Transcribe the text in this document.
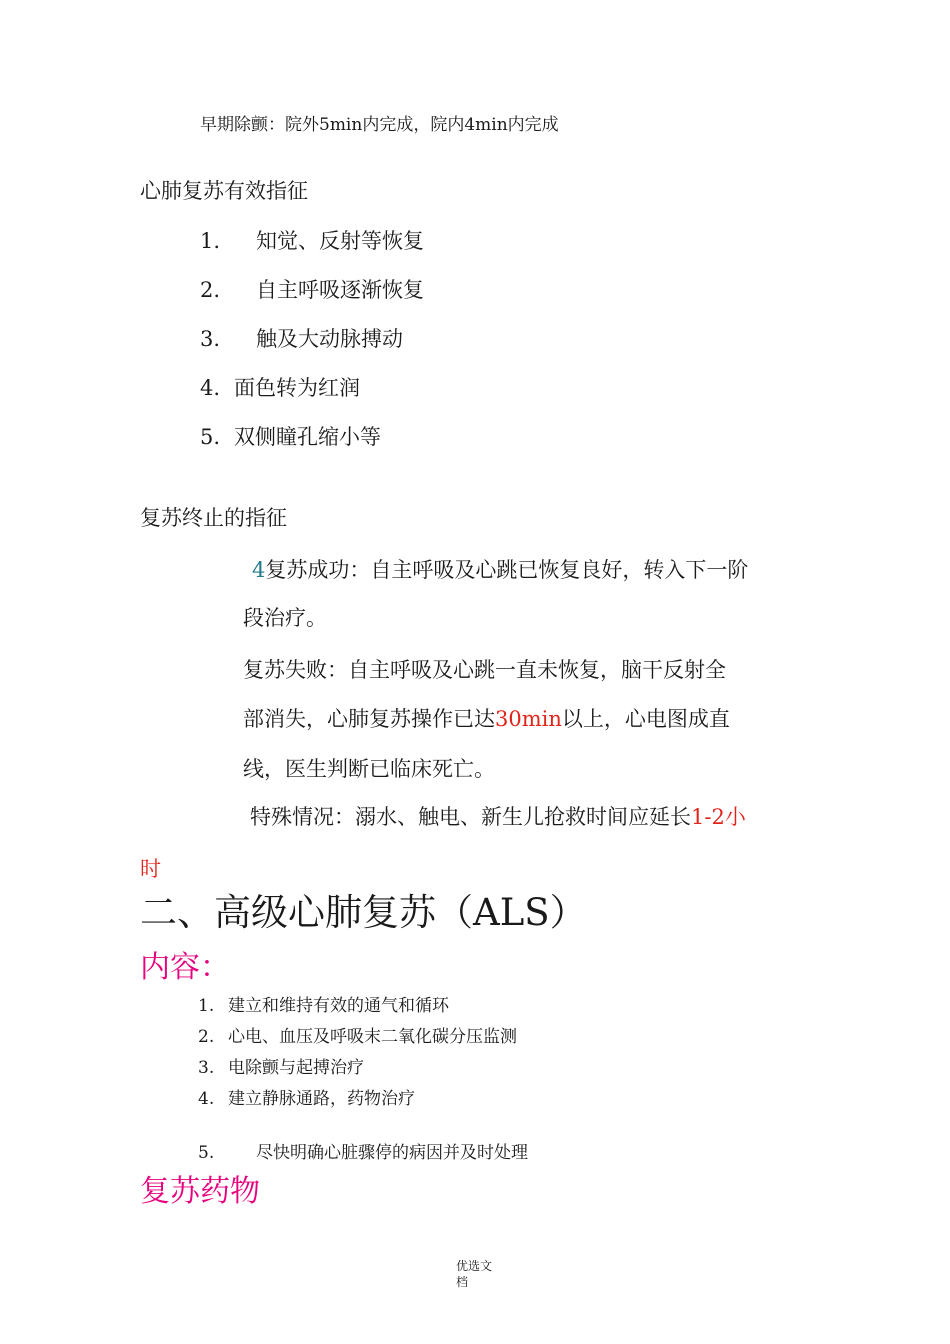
早期除颤：院外5min内完成，院内4min内完成
心肺复苏有效指征
1. 知觉、反射等恢复
2. 自主呼吸逐渐恢复
3. 触及大动脉搏动
4. 面色转为红润
5. 双侧瞳孔缩小等
复苏终止的指征
4复苏成功：自主呼吸及心跳已恢复良好，转入下一阶
段治疗。
复苏失败：自主呼吸及心跳一直未恢复，脑干反射全
部消失，心肺复苏操作已达30min以上，心电图成直
线，医生判断已临床死亡。
特殊情况：溺水、触电、新生儿抢救时间应延长1-2小
时
二、高级心肺复苏（ALS）
内容：
1. 建立和维持有效的通气和循环
2. 心电、血压及呼吸末二氧化碳分压监测
3. 电除颤与起搏治疗
4. 建立静脉通路，药物治疗
5. 尽快明确心脏骤停的病因并及时处理
复苏药物
优选文
档
